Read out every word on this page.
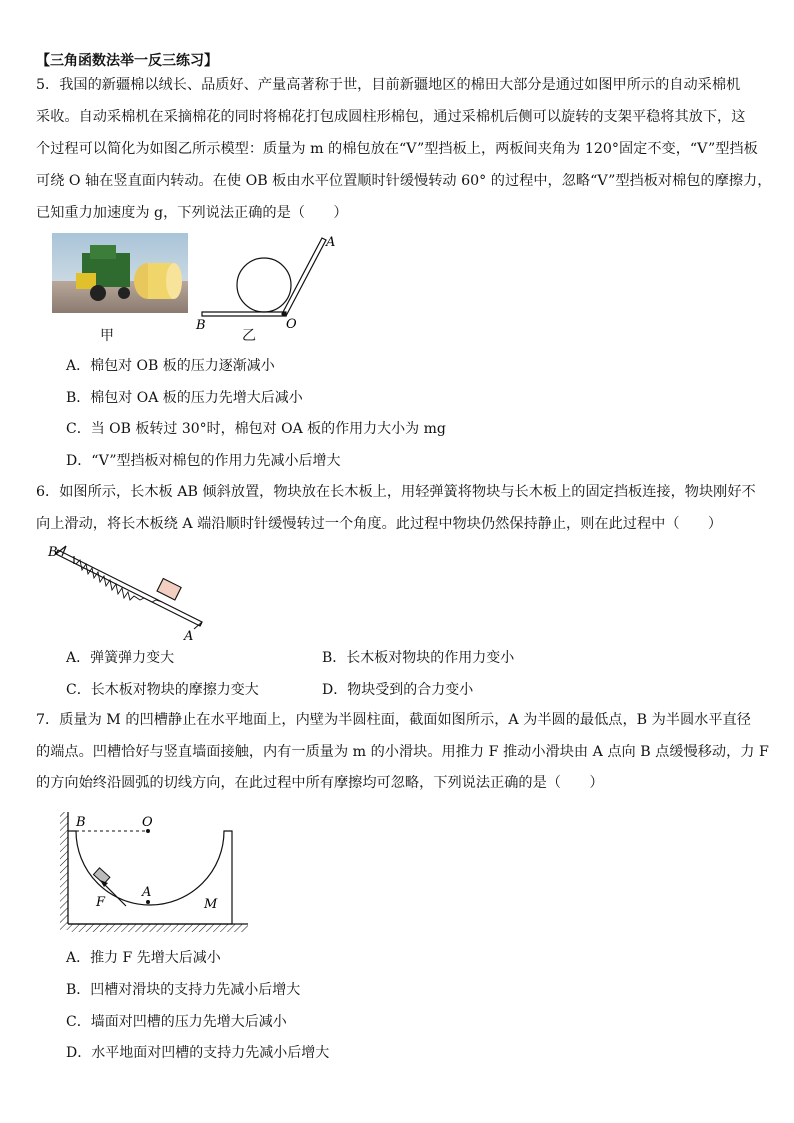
【三角函数法举一反三练习】
5．我国的新疆棉以绒长、品质好、产量高著称于世，目前新疆地区的棉田大部分是通过如图甲所示的自动采棉机
采收。自动采棉机在采摘棉花的同时将棉花打包成圆柱形棉包，通过采棉机后侧可以旋转的支架平稳将其放下，这
个过程可以简化为如图乙所示模型：质量为 m 的棉包放在“V”型挡板上，两板间夹角为 120°固定不变，“V”型挡板
可绕 O 轴在竖直面内转动。在使 OB 板由水平位置顺时针缓慢转动 60° 的过程中，忽略“V”型挡板对棉包的摩擦力，
已知重力加速度为 g，下列说法正确的是（　　）
甲
A
B	O
乙
A．棉包对 OB 板的压力逐渐减小
B．棉包对 OA 板的压力先增大后减小
C．当 OB 板转过 30°时，棉包对 OA 板的作用力大小为 mg
D．“V”型挡板对棉包的作用力先减小后增大
6．如图所示，长木板 AB 倾斜放置，物块放在长木板上，用轻弹簧将物块与长木板上的固定挡板连接，物块刚好不
向上滑动，将长木板绕 A 端沿顺时针缓慢转过一个角度。此过程中物块仍然保持静止，则在此过程中（　　）
B
A
A．弹簧弹力变大	B．长木板对物块的作用力变小
C．长木板对物块的摩擦力变大	D．物块受到的合力变小
7．质量为 M 的凹槽静止在水平地面上，内壁为半圆柱面，截面如图所示，A 为半圆的最低点，B 为半圆水平直径
的端点。凹槽恰好与竖直墙面接触，内有一质量为 m 的小滑块。用推力 F 推动小滑块由 A 点向 B 点缓慢移动，力 F
的方向始终沿圆弧的切线方向，在此过程中所有摩擦均可忽略，下列说法正确的是（　　）
B	O
A
F	M
A．推力 F 先增大后减小
B．凹槽对滑块的支持力先减小后增大
C．墙面对凹槽的压力先增大后减小
D．水平地面对凹槽的支持力先减小后增大
